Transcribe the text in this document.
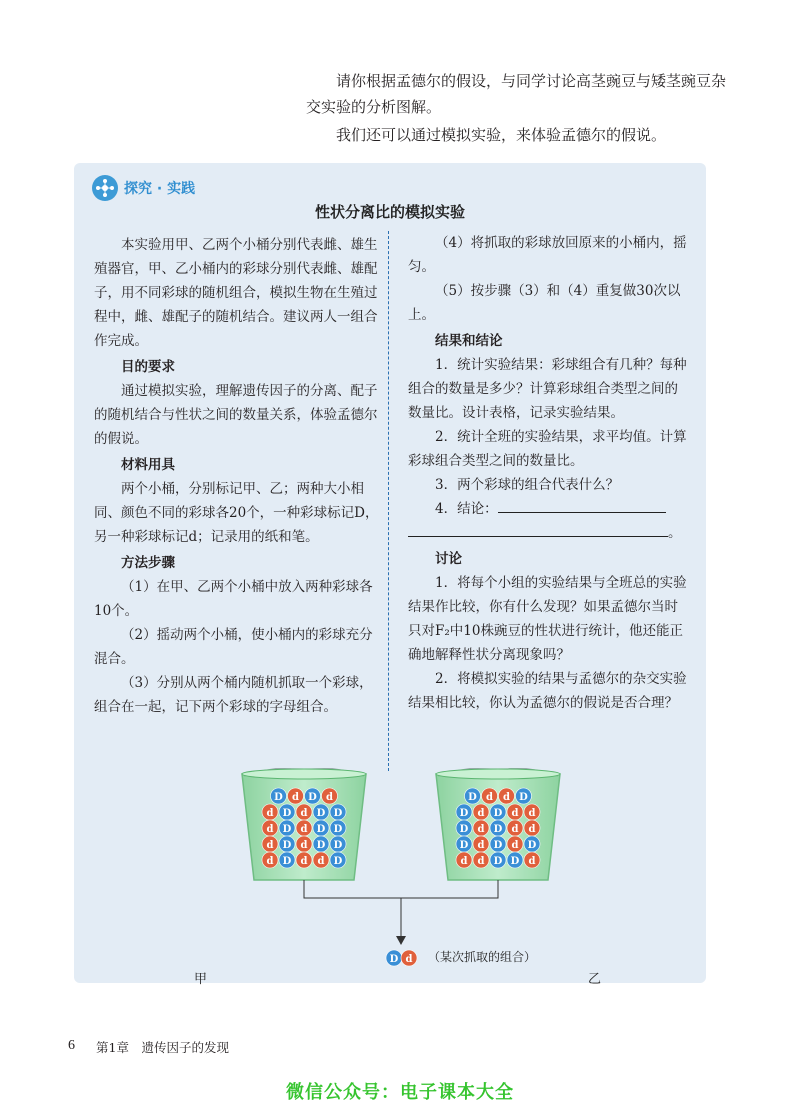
请你根据孟德尔的假设，与同学讨论高茎豌豆与矮茎豌豆杂交实验的分析图解。

我们还可以通过模拟实验，来体验孟德尔的假说。

探究 · 实践
性状分离比的模拟实验

本实验用甲、乙两个小桶分别代表雌、雄生殖器官，甲、乙小桶内的彩球分别代表雌、雄配子，用不同彩球的随机组合，模拟生物在生殖过程中，雌、雄配子的随机结合。建议两人一组合作完成。

目的要求

通过模拟实验，理解遗传因子的分离、配子的随机结合与性状之间的数量关系，体验孟德尔的假说。

材料用具

两个小桶，分别标记甲、乙；两种大小相同、颜色不同的彩球各20个，一种彩球标记D，另一种彩球标记d；记录用的纸和笔。

方法步骤

（1）在甲、乙两个小桶中放入两种彩球各10个。

（2）摇动两个小桶，使小桶内的彩球充分混合。

（3）分别从两个桶内随机抓取一个彩球，组合在一起，记下两个彩球的字母组合。

（4）将抓取的彩球放回原来的小桶内，摇匀。

（5）按步骤（3）和（4）重复做30次以上。

结果和结论

1．统计实验结果：彩球组合有几种？每种组合的数量是多少？计算彩球组合类型之间的数量比。设计表格，记录实验结果。

2．统计全班的实验结果，求平均值。计算彩球组合类型之间的数量比。

3．两个彩球的组合代表什么？

4．结论：

。

讨论

1．将每个小组的实验结果与全班总的实验结果作比较，你有什么发现？如果孟德尔当时只对F₂中10株豌豆的性状进行统计，他还能正确地解释性状分离现象吗？

2．将模拟实验的结果与孟德尔的杂交实验结果相比较，你认为孟德尔的假说是否合理？

甲	乙
D d D d
d D d D D
d D d D D
d D d D D
d D d d D
D d d D
D d D d d
D d D d d
D d D d D
d d D D d
D d （某次抓取的组合）
6 第1章　遗传因子的发现
微信公众号：电子课本大全
